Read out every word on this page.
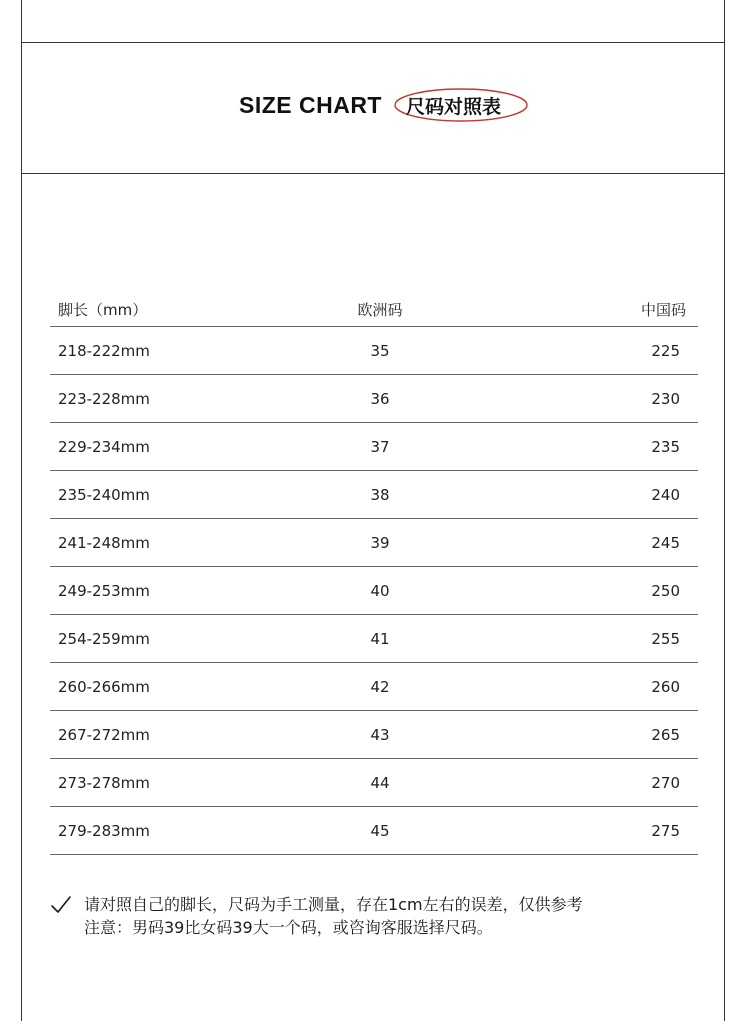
SIZE CHART	尺码对照表
脚长（mm）	欧洲码	中国码
218-222mm	35	225
223-228mm	36	230
229-234mm	37	235
235-240mm	38	240
241-248mm	39	245
249-253mm	40	250
254-259mm	41	255
260-266mm	42	260
267-272mm	43	265
273-278mm	44	270
279-283mm	45	275
请对照自己的脚长，尺码为手工测量，存在1cm左右的误差，仅供参考
注意：男码39比女码39大一个码，或咨询客服选择尺码。
